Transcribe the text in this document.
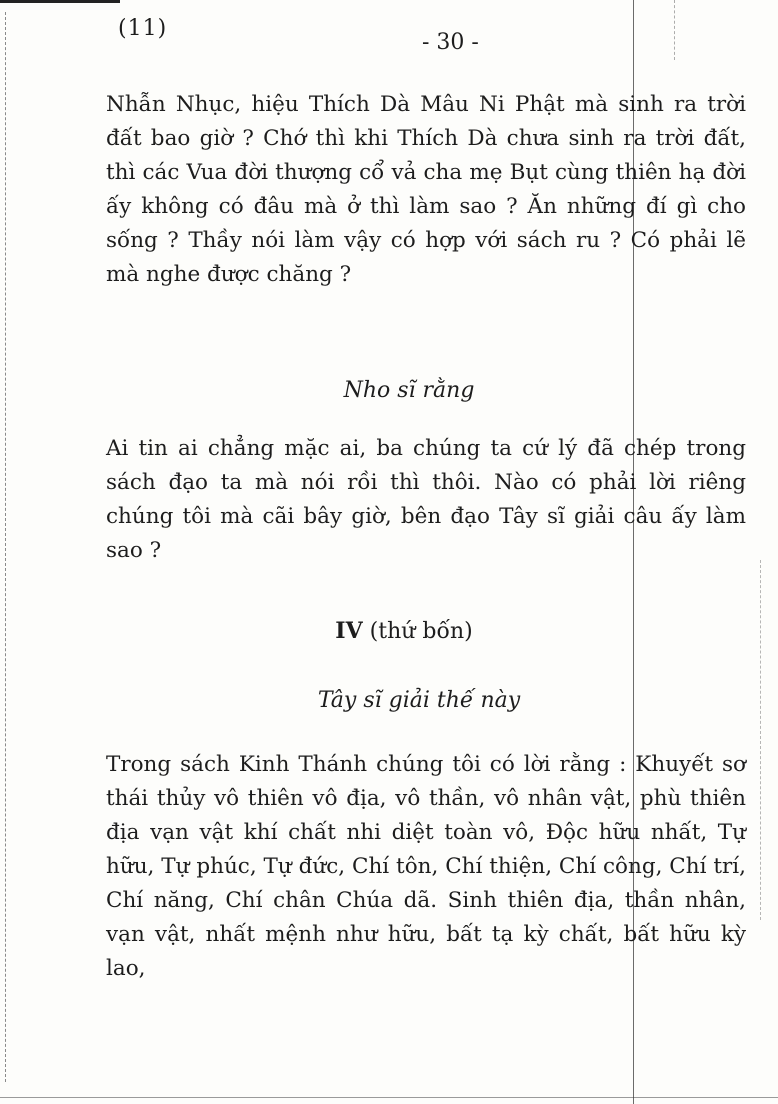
(11)
- 30 -

Nhẫn Nhục, hiệu Thích Dà Mâu Ni Phật mà sinh ra trời đất bao giờ ? Chớ thì khi Thích Dà chưa sinh ra trời đất, thì các Vua đời thượng cổ vả cha mẹ Bụt cùng thiên hạ đời ấy không có đâu mà ở thì làm sao ? Ăn những đí gì cho sống ? Thầy nói làm vậy có hợp với sách ru ? Có phải lẽ mà nghe được chăng ?

Nho sĩ rằng

Ai tin ai chẳng mặc ai, ba chúng ta cứ lý đã chép trong sách đạo ta mà nói rồi thì thôi. Nào có phải lời riêng chúng tôi mà cãi bây giờ, bên đạo Tây sĩ giải câu ấy làm sao ?

IV (thứ bốn)
Tây sĩ giải thế này

Trong sách Kinh Thánh chúng tôi có lời rằng : Khuyết sơ thái thủy vô thiên vô địa, vô thần, vô nhân vật, phù thiên địa vạn vật khí chất nhi diệt toàn vô, Độc hữu nhất, Tự hữu, Tự phúc, Tự đức, Chí tôn, Chí thiện, Chí công, Chí trí, Chí năng, Chí chân Chúa dã. Sinh thiên địa, thần nhân, vạn vật, nhất mệnh như hữu, bất tạ kỳ chất, bất hữu kỳ lao,
